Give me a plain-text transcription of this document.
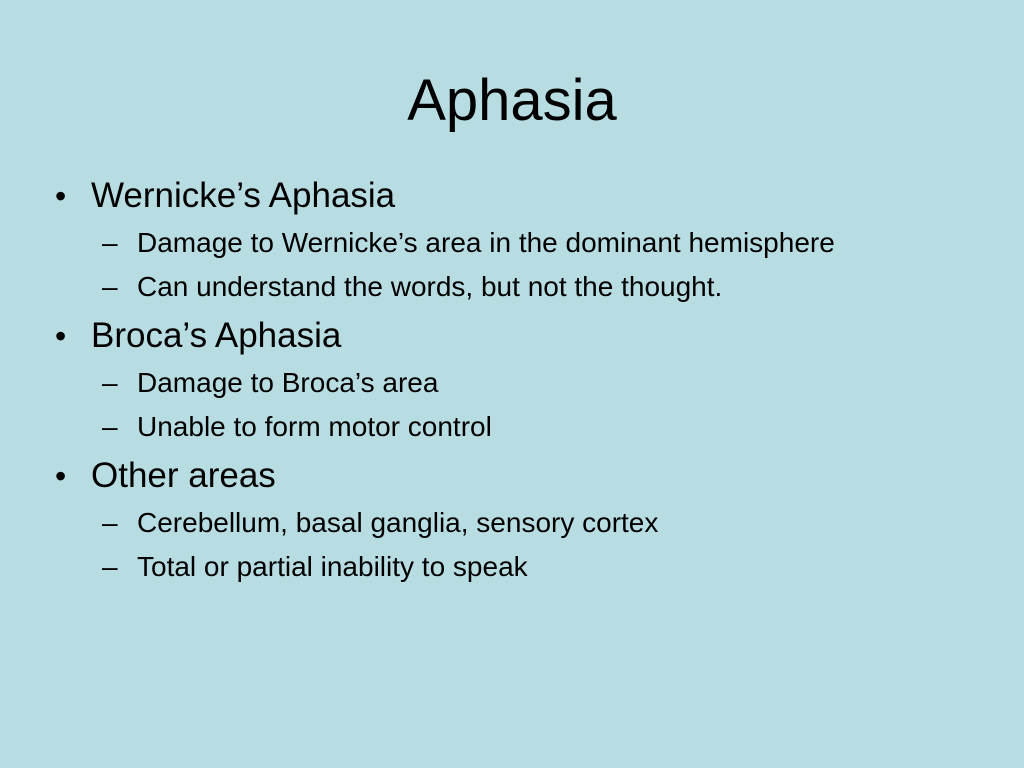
Aphasia
• Wernicke’s Aphasia
– Damage to Wernicke’s area in the dominant hemisphere
– Can understand the words, but not the thought.
• Broca’s Aphasia
– Damage to Broca’s area
– Unable to form motor control
• Other areas
– Cerebellum, basal ganglia, sensory cortex
– Total or partial inability to speak
